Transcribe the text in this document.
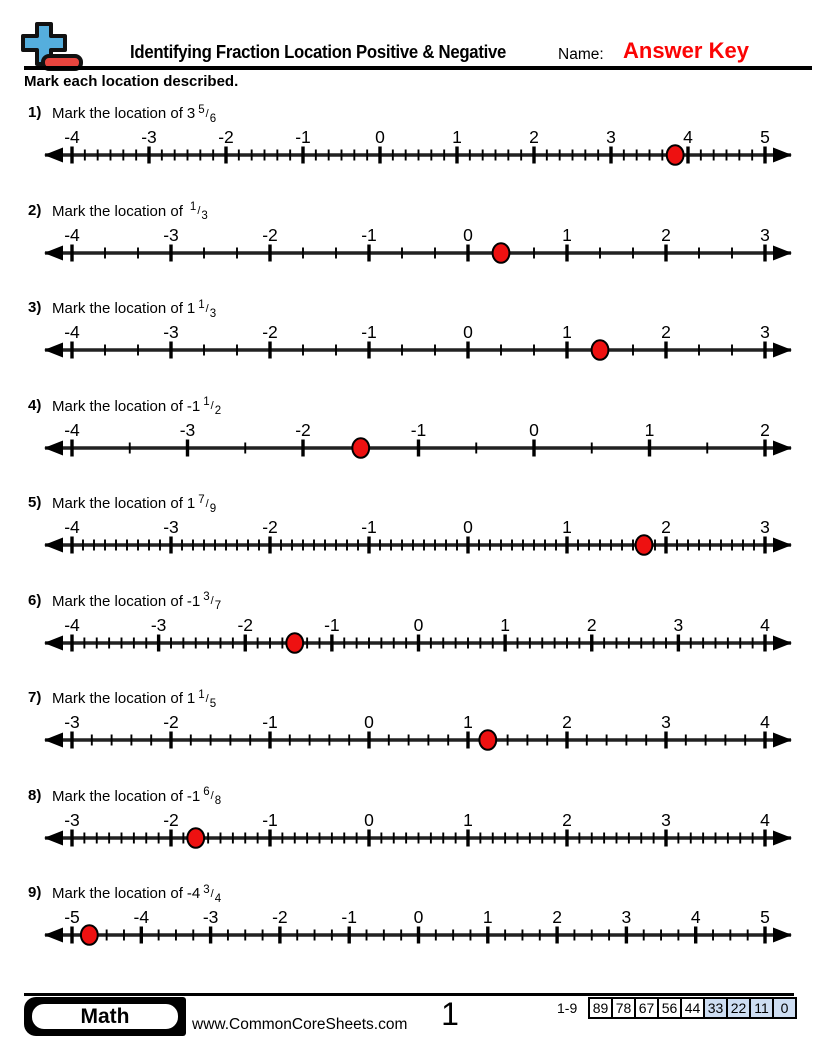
Identifying Fraction Location Positive & Negative	Name: Answer Key
Mark each location described.
1) Mark the location of 3 $^5/_6$
-4	-3	-2	-1	0	1	2	3	4	5
2) Mark the location of $^1/_3$
-4	-3	-2	-1	0	1	2	3
3) Mark the location of 1 $^1/_3$
-4	-3	-2	-1	0	1	2	3
4) Mark the location of -1 $^1/_2$
-4	-3	-2	-1	0	1	2
5) Mark the location of 1 $^7/_9$
-4	-3	-2	-1	0	1	2	3
6) Mark the location of -1 $^3/_7$
-4	-3	-2	-1	0	1	2	3	4
7) Mark the location of 1 $^1/_5$
-3	-2	-1	0	1	2	3	4
8) Mark the location of -1 $^6/_8$
-3	-2	-1	0	1	2	3	4
9) Mark the location of -4 $^3/_4$
-5	-4	-3	-2	-1	0	1	2	3	4	5
Math	www.CommonCoreSheets.com	1	1-9	89 78 67 56 44 33 22 11 0
